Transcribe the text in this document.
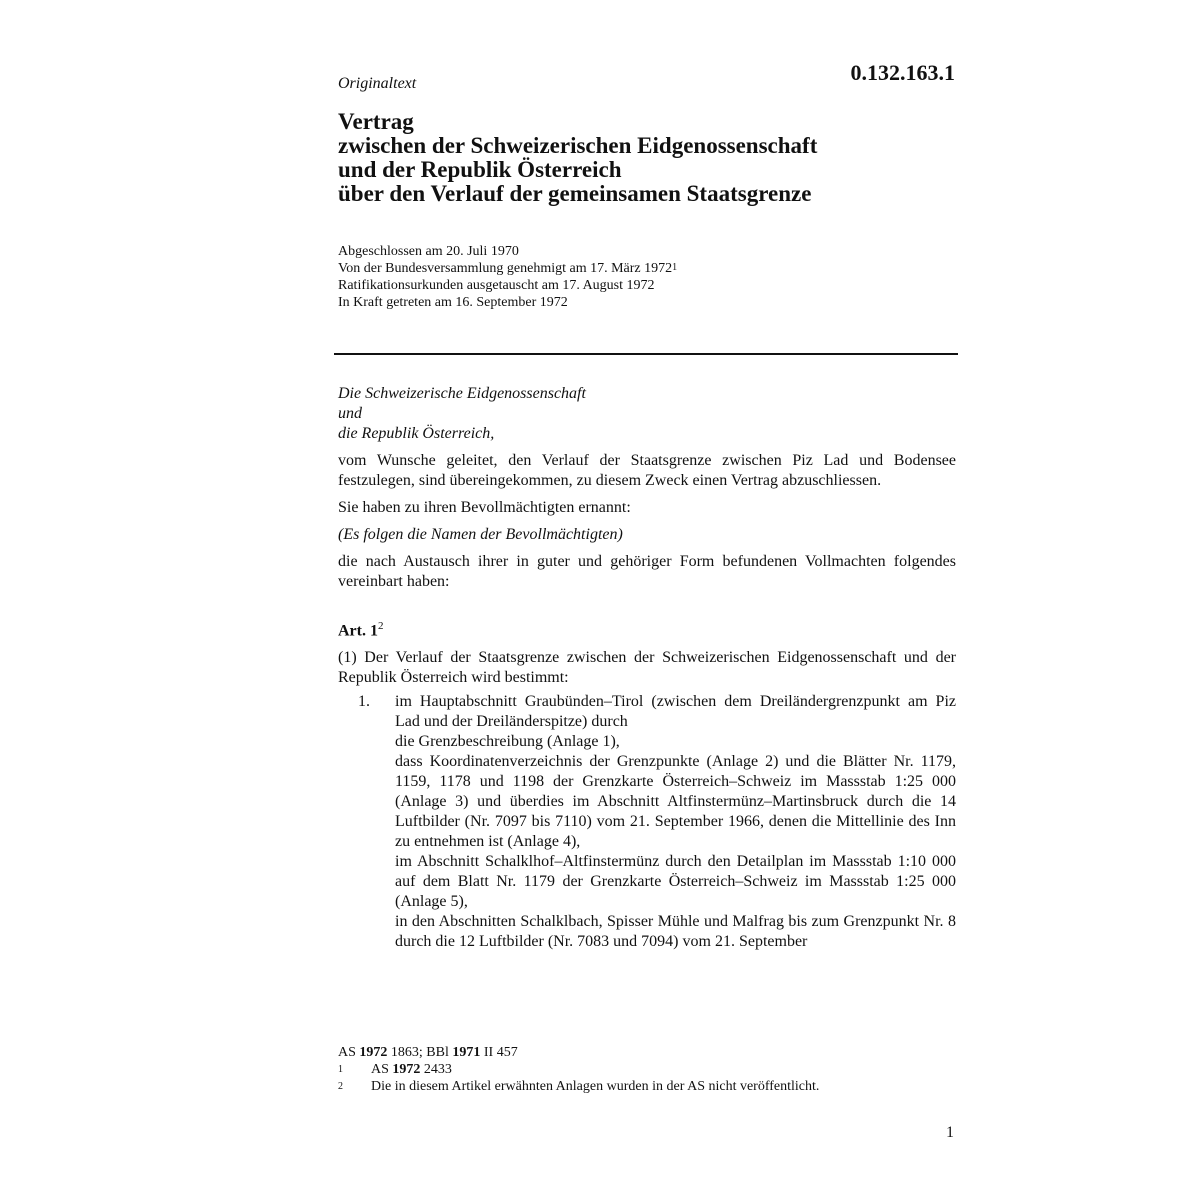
Originaltext	0.132.163.1
Vertrag
zwischen der Schweizerischen Eidgenossenschaft
und der Republik Österreich
über den Verlauf der gemeinsamen Staatsgrenze
Abgeschlossen am 20. Juli 1970
Von der Bundesversammlung genehmigt am 17. März 1972$^1$
Ratifikationsurkunden ausgetauscht am 17. August 1972
In Kraft getreten am 16. September 1972

Die Schweizerische Eidgenossenschaft

und

die Republik Österreich,

vom Wunsche geleitet, den Verlauf der Staatsgrenze zwischen Piz Lad und Bodensee festzulegen, sind übereingekommen, zu diesem Zweck einen Vertrag abzuschliessen.

Sie haben zu ihren Bevollmächtigten ernannt:

(Es folgen die Namen der Bevollmächtigten)

die nach Austausch ihrer in guter und gehöriger Form befundenen Vollmachten folgendes vereinbart haben:

Art. $1^2$

(1) Der Verlauf der Staatsgrenze zwischen der Schweizerischen Eidgenossenschaft und der Republik Österreich wird bestimmt:

1.	im Hauptabschnitt Graubünden–Tirol (zwischen dem Dreiländergrenzpunkt am Piz Lad und der Dreiländerspitze) durch
die Grenzbeschreibung (Anlage 1),
dass Koordinatenverzeichnis der Grenzpunkte (Anlage 2) und die Blätter Nr. 1179, 1159, 1178 und 1198 der Grenzkarte Österreich–Schweiz im Massstab 1:25 000 (Anlage 3) und überdies im Abschnitt Altfinstermünz–Martinsbruck durch die 14 Luftbilder (Nr. 7097 bis 7110) vom 21. September 1966, denen die Mittellinie des Inn zu entnehmen ist (Anlage 4),
im Abschnitt Schalklhof–Altfinstermünz durch den Detailplan im Massstab 1:10 000 auf dem Blatt Nr. 1179 der Grenzkarte Österreich–Schweiz im Massstab 1:25 000 (Anlage 5),
in den Abschnitten Schalklbach, Spisser Mühle und Malfrag bis zum Grenzpunkt Nr. 8 durch die 12 Luftbilder (Nr. 7083 und 7094) vom 21. September
AS 1972 1863; BBl 1971 II 457
1	AS 1972 2433
2	Die in diesem Artikel erwähnten Anlagen wurden in der AS nicht veröffentlicht.
1
